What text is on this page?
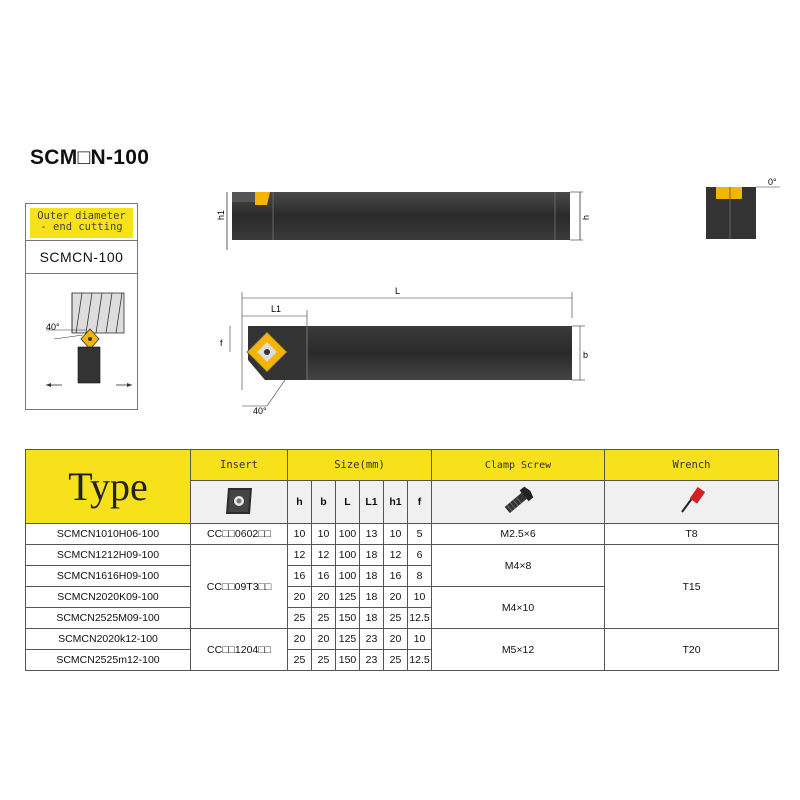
SCM□N-100
Outer diameter
- end cutting
SCMCN-100
40°
h1	h
0°
L
L1
f
b
40°
Type	Insert	Size(mm)						Clamp Screw	Wrench
	h	b	L	L1	h1	f		
SCMCN1010H06-100	CC□□0602□□	10	10	100	13	10	5	M2.5×6	T8
SCMCN1212H09-100	CC□□09T3□□	12	12	100	18	12	6	M4×8	T15
SCMCN1616H09-100		16	16	100	18	16	8		
SCMCN2020K09-100		20	20	125	18	20	10	M4×10	
SCMCN2525M09-100		25	25	150	18	25	12.5		
SCMCN2020k12-100	CC□□1204□□	20	20	125	23	20	10	M5×12	T20
SCMCN2525m12-100		25	25	150	23	25	12.5		
